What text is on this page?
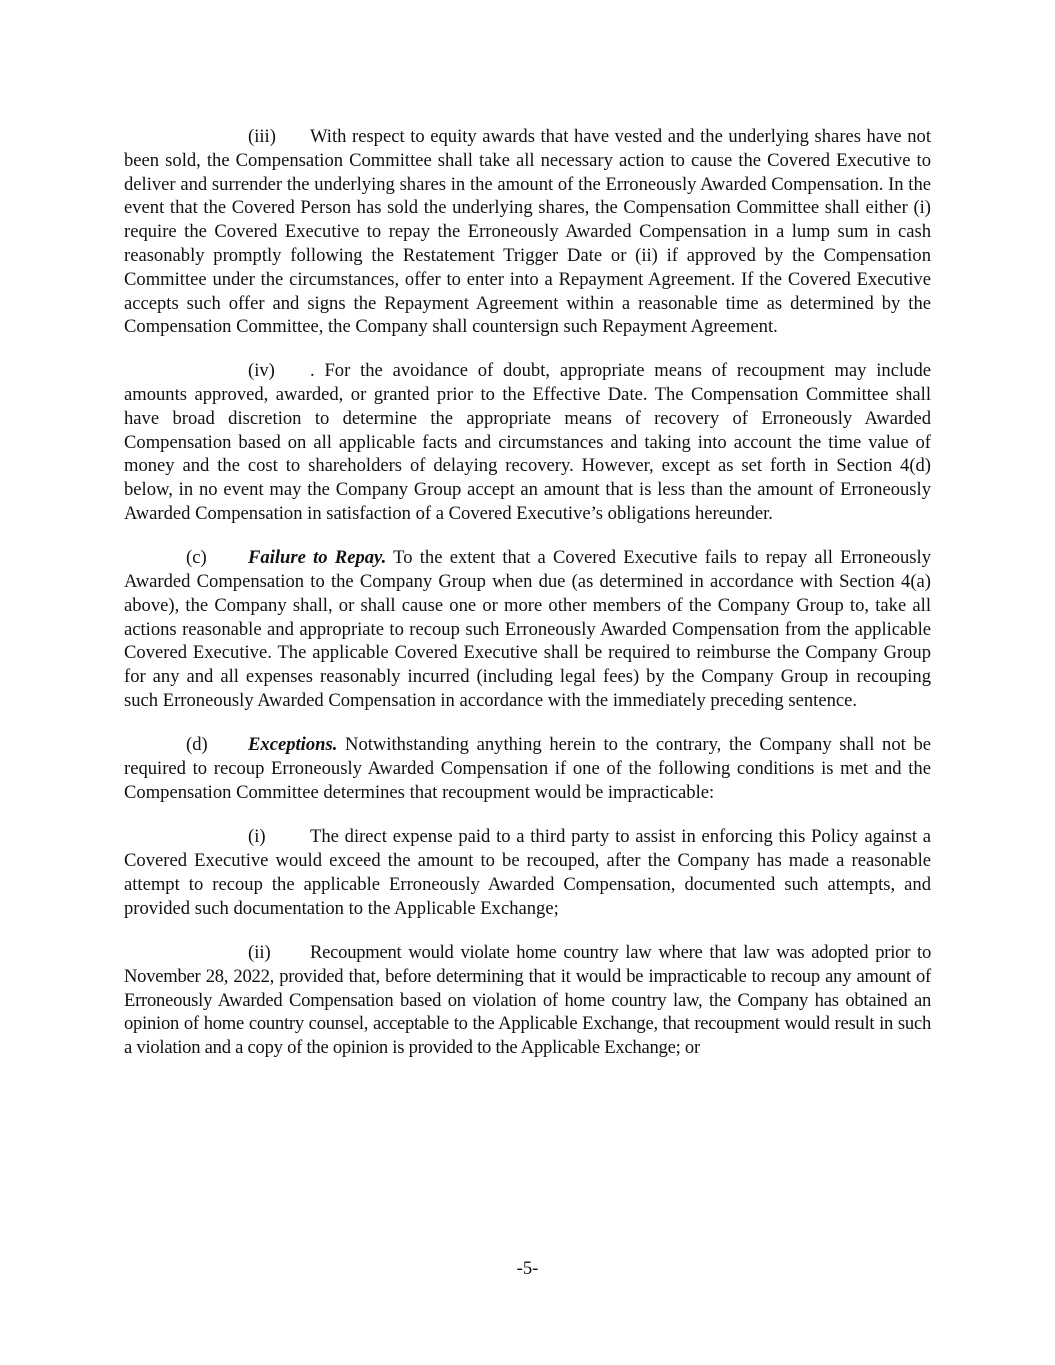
(iii) With respect to equity awards that have vested and the underlying shares have not been sold, the Compensation Committee shall take all necessary action to cause the Covered Executive to deliver and surrender the underlying shares in the amount of the Erroneously Awarded Compensation. In the event that the Covered Person has sold the underlying shares, the Compensation Committee shall either (i) require the Covered Executive to repay the Erroneously Awarded Compensation in a lump sum in cash reasonably promptly following the Restatement Trigger Date or (ii) if approved by the Compensation Committee under the circumstances, offer to enter into a Repayment Agreement. If the Covered Executive accepts such offer and signs the Repayment Agreement within a reasonable time as determined by the Compensation Committee, the Company shall countersign such Repayment Agreement.

(iv) . For the avoidance of doubt, appropriate means of recoupment may include amounts approved, awarded, or granted prior to the Effective Date. The Compensation Committee shall have broad discretion to determine the appropriate means of recovery of Erroneously Awarded Compensation based on all applicable facts and circumstances and taking into account the time value of money and the cost to shareholders of delaying recovery. However, except as set forth in Section 4(d) below, in no event may the Company Group accept an amount that is less than the amount of Erroneously Awarded Compensation in satisfaction of a Covered Executive’s obligations hereunder.

(c) Failure to Repay. To the extent that a Covered Executive fails to repay all Erroneously Awarded Compensation to the Company Group when due (as determined in accordance with Section 4(a) above), the Company shall, or shall cause one or more other members of the Company Group to, take all actions reasonable and appropriate to recoup such Erroneously Awarded Compensation from the applicable Covered Executive. The applicable Covered Executive shall be required to reimburse the Company Group for any and all expenses reasonably incurred (including legal fees) by the Company Group in recouping such Erroneously Awarded Compensation in accordance with the immediately preceding sentence.

(d) Exceptions. Notwithstanding anything herein to the contrary, the Company shall not be required to recoup Erroneously Awarded Compensation if one of the following conditions is met and the Compensation Committee determines that recoupment would be impracticable:

(i) The direct expense paid to a third party to assist in enforcing this Policy against a Covered Executive would exceed the amount to be recouped, after the Company has made a reasonable attempt to recoup the applicable Erroneously Awarded Compensation, documented such attempts, and provided such documentation to the Applicable Exchange;

(ii) Recoupment would violate home country law where that law was adopted prior to November 28, 2022, provided that, before determining that it would be impracticable to recoup any amount of Erroneously Awarded Compensation based on violation of home country law, the Company has obtained an opinion of home country counsel, acceptable to the Applicable Exchange, that recoupment would result in such a violation and a copy of the opinion is provided to the Applicable Exchange; or

-5-
